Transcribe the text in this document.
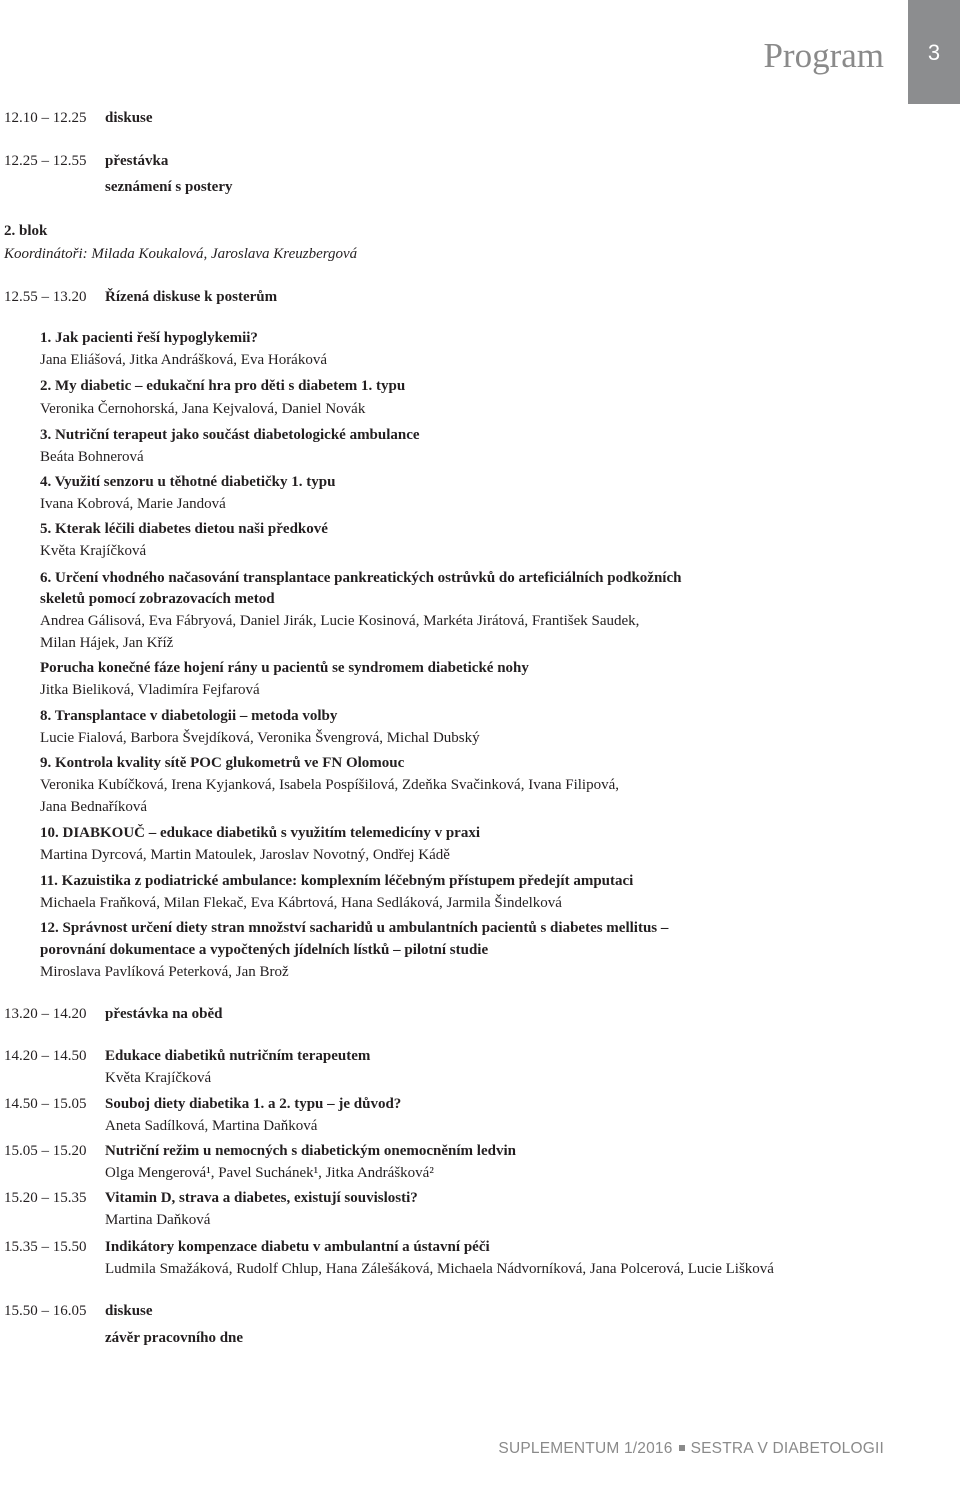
3
Program
12.10 – 12.25 diskuse
12.25 – 12.55 přestávka
seznámení s postery
2. blok
Koordinátoři: Milada Koukalová, Jaroslava Kreuzbergová
12.55 – 13.20 Řízená diskuse k posterům
1. Jak pacienti řeší hypoglykemii?
Jana Eliášová, Jitka Andrášková, Eva Horáková
2. My diabetic – edukační hra pro děti s diabetem 1. typu
Veronika Černohorská, Jana Kejvalová, Daniel Novák
3. Nutriční terapeut jako součást diabetologické ambulance
Beáta Bohnerová
4. Využití senzoru u těhotné diabetičky 1. typu
Ivana Kobrová, Marie Jandová
5. Kterak léčili diabetes dietou naši předkové
Květa Krajíčková
6. Určení vhodného načasování transplantace pankreatických ostrůvků do arteficiálních podkožních
skeletů pomocí zobrazovacích metod
Andrea Gálisová, Eva Fábryová, Daniel Jirák, Lucie Kosinová, Markéta Jirátová, František Saudek,
Milan Hájek, Jan Kříž
Porucha konečné fáze hojení rány u pacientů se syndromem diabetické nohy
Jitka Bieliková, Vladimíra Fejfarová
8. Transplantace v diabetologii – metoda volby
Lucie Fialová, Barbora Švejdíková, Veronika Švengrová, Michal Dubský
9. Kontrola kvality sítě POC glukometrů ve FN Olomouc
Veronika Kubíčková, Irena Kyjanková, Isabela Pospíšilová, Zdeňka Svačinková, Ivana Filipová,
Jana Bednaříková
10. DIABKOUČ – edukace diabetiků s využitím telemedicíny v praxi
Martina Dyrcová, Martin Matoulek, Jaroslav Novotný, Ondřej Kádě
11. Kazuistika z podiatrické ambulance: komplexním léčebným přístupem předejít amputaci
Michaela Fraňková, Milan Flekač, Eva Kábrtová, Hana Sedláková, Jarmila Šindelková
12. Správnost určení diety stran množství sacharidů u ambulantních pacientů s diabetes mellitus –
porovnání dokumentace a vypočtených jídelních lístků – pilotní studie
Miroslava Pavlíková Peterková, Jan Brož
13.20 – 14.20 přestávka na oběd
14.20 – 14.50 Edukace diabetiků nutričním terapeutem
Květa Krajíčková
14.50 – 15.05 Souboj diety diabetika 1. a 2. typu – je důvod?
Aneta Sadílková, Martina Daňková
15.05 – 15.20 Nutriční režim u nemocných s diabetickým onemocněním ledvin
Olga Mengerová¹, Pavel Suchánek¹, Jitka Andrášková²
15.20 – 15.35 Vitamin D, strava a diabetes, existují souvislosti?
Martina Daňková
15.35 – 15.50 Indikátory kompenzace diabetu v ambulantní a ústavní péči
Ludmila Smažáková, Rudolf Chlup, Hana Zálešáková, Michaela Nádvorníková, Jana Polcerová, Lucie Lišková
15.50 – 16.05 diskuse
závěr pracovního dne
SUPLEMENTUM 1/2016 SESTRA V DIABETOLOGII
